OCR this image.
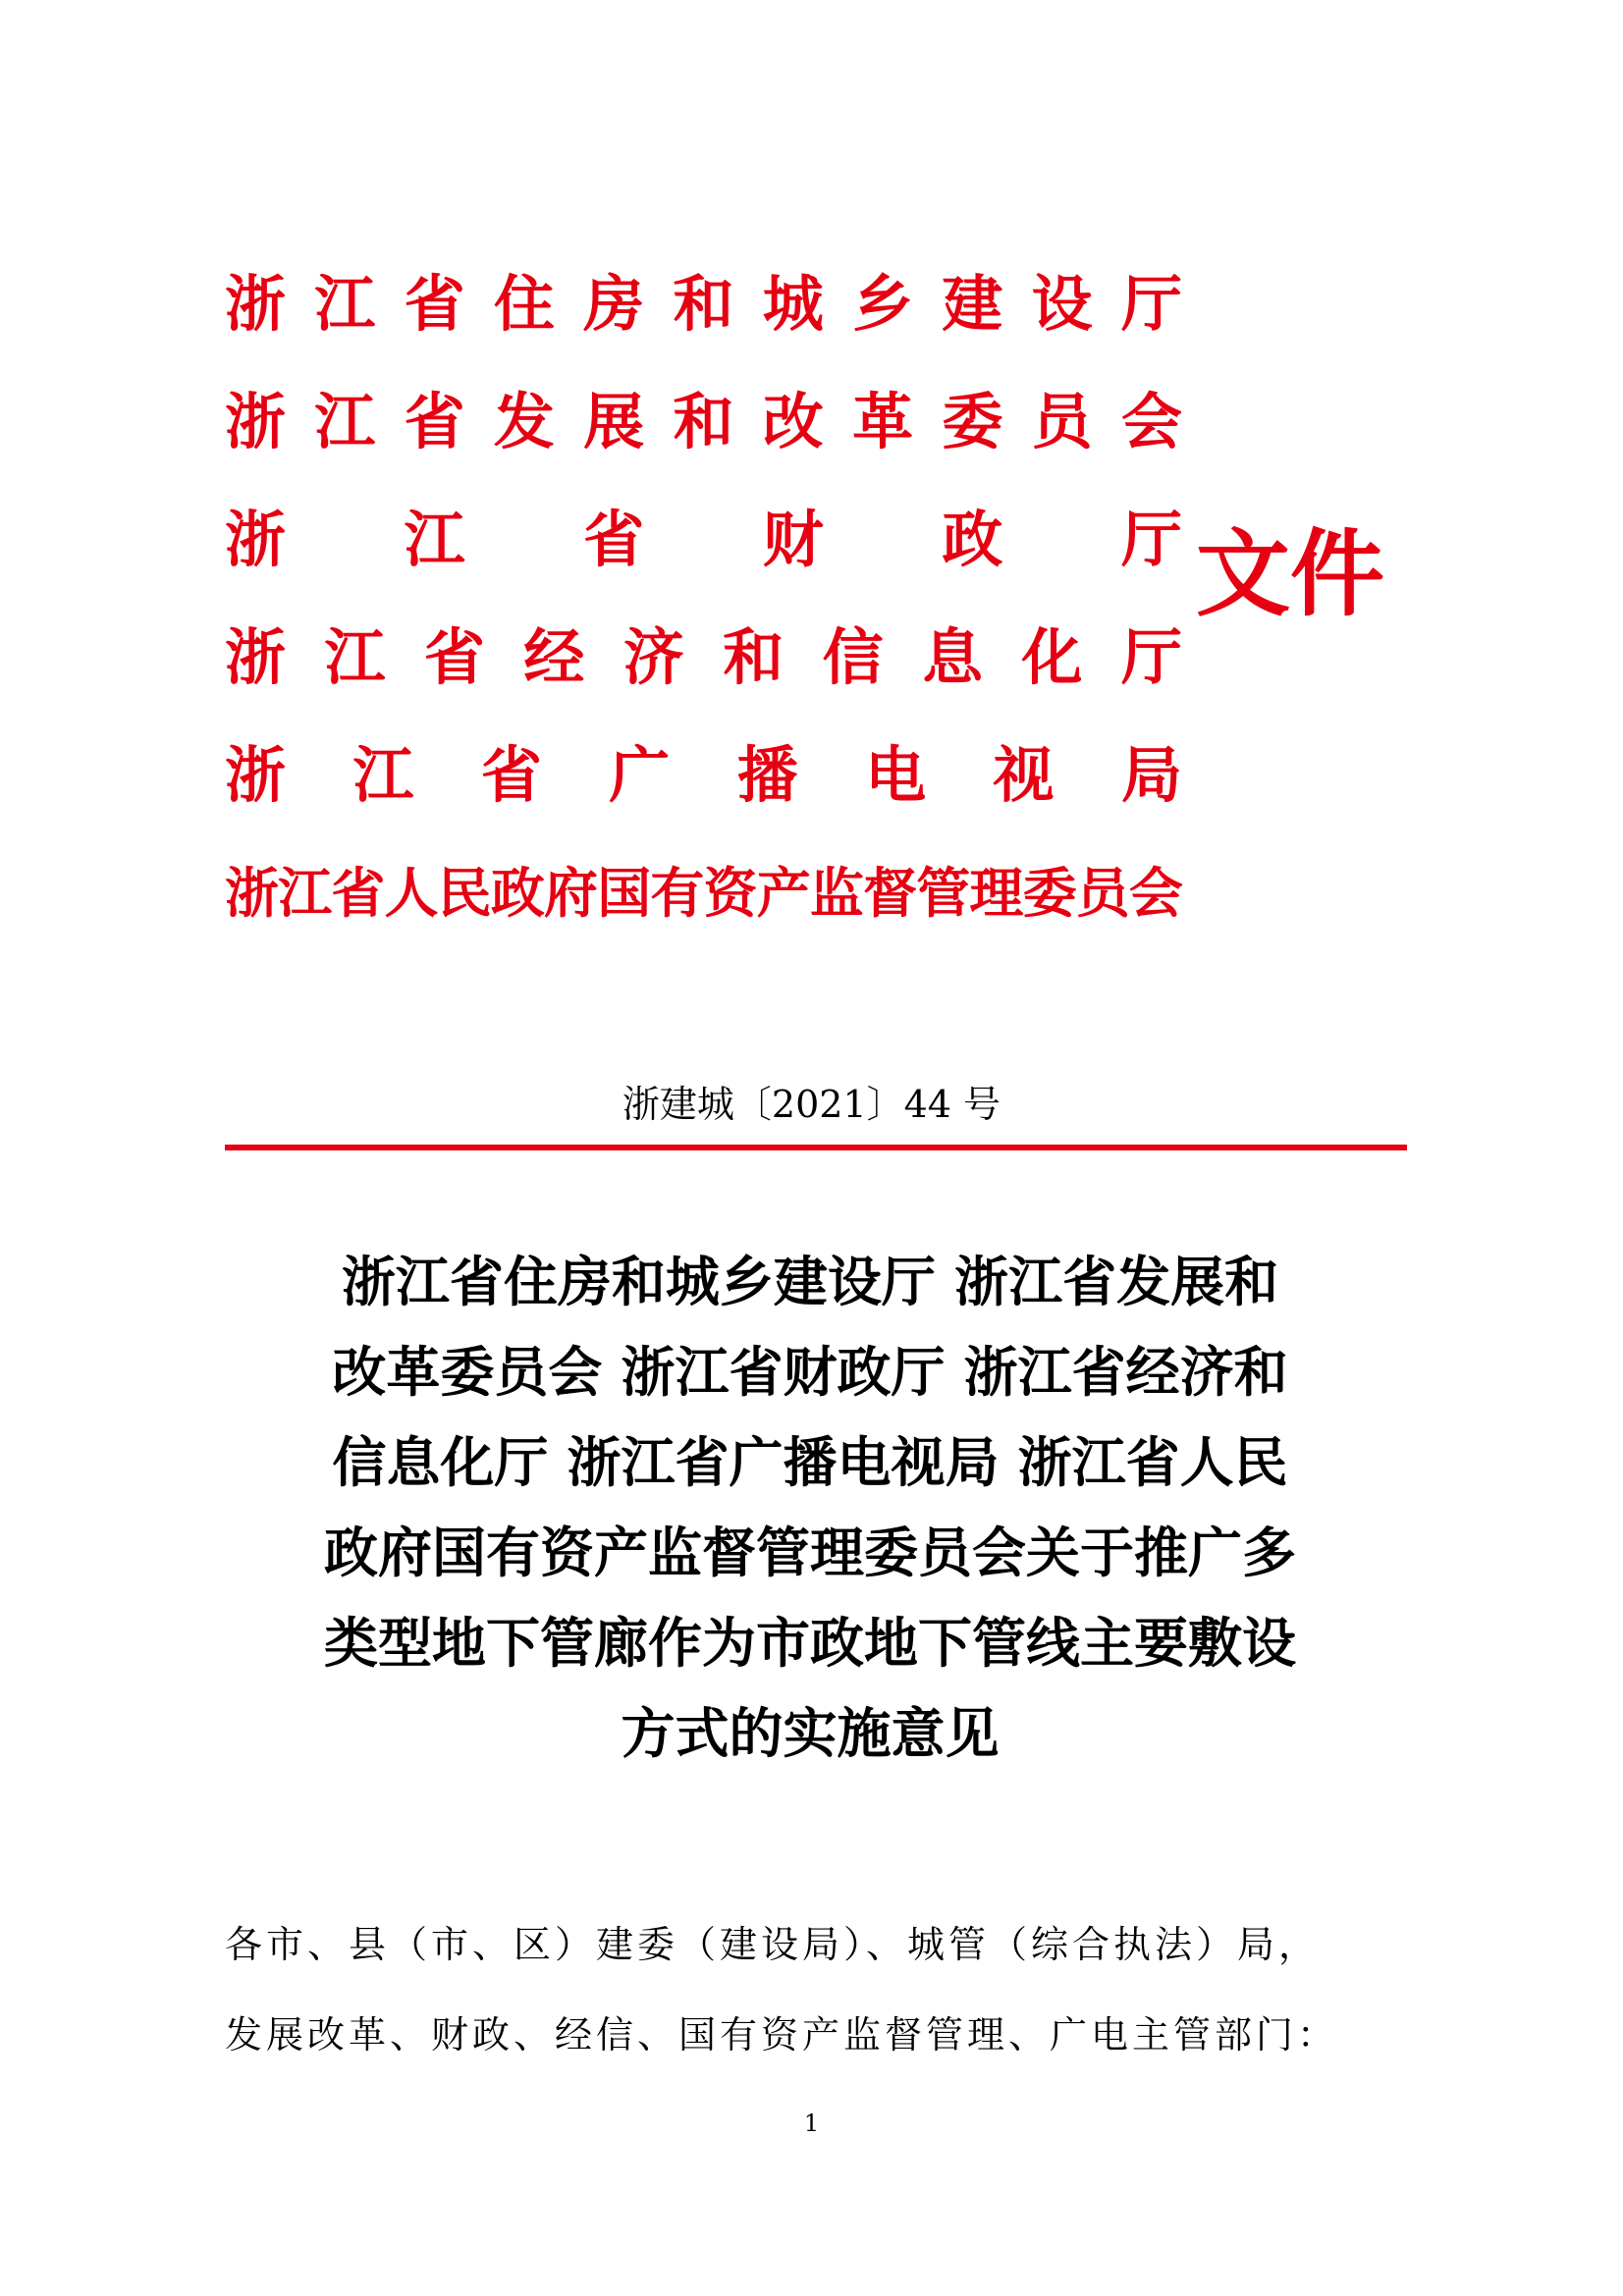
浙 江 省 住 房 和 城 乡 建 设 厅
浙 江 省 发 展 和 改 革 委 员 会
浙 江 省 财 政 厅
浙 江 省 经 济 和 信 息 化 厅
浙 江 省 广 播 电 视 局
浙 江 省 人 民 政 府 国 有 资 产 监 督 管 理 委 员 会
文件
浙建城〔2021〕44 号
浙江省住房和城乡建设厅 浙江省发展和
改革委员会 浙江省财政厅 浙江省经济和
信息化厅 浙江省广播电视局 浙江省人民
政府国有资产监督管理委员会关于推广多
类型地下管廊作为市政地下管线主要敷设
方式的实施意见
各市、县（市、区）建委（建设局）、城管（综合执法）局，
发展改革、财政、经信、国有资产监督管理、广电主管部门：
1
